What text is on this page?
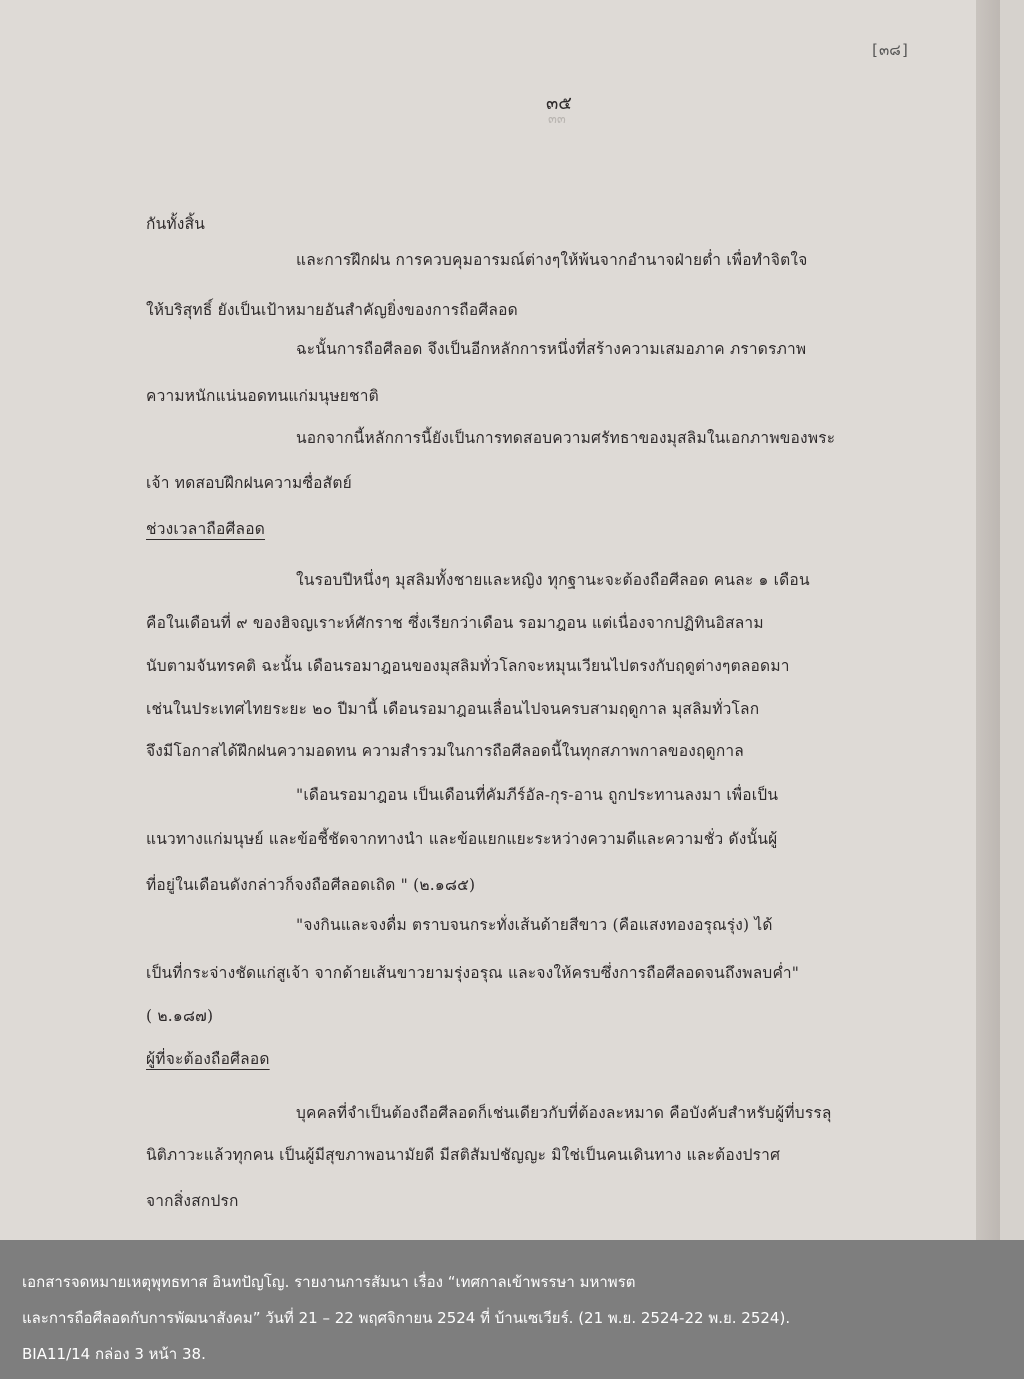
[๓๘]
๓๕
๓๓
กันทั้งสิ้น
และการฝึกฝน การควบคุมอารมณ์ต่างๆให้พ้นจากอำนาจฝ่ายต่ำ เพื่อทำจิตใจ
ให้บริสุทธิ์ ยังเป็นเป้าหมายอันสำคัญยิ่งของการถือศีลอด
ฉะนั้นการถือศีลอด จึงเป็นอีกหลักการหนึ่งที่สร้างความเสมอภาค ภราดรภาพ
ความหนักแน่นอดทนแก่มนุษยชาติ
นอกจากนี้หลักการนี้ยังเป็นการทดสอบความศรัทธาของมุสลิมในเอกภาพของพระ
เจ้า ทดสอบฝึกฝนความซื่อสัตย์
ช่วงเวลาถือศีลอด
ในรอบปีหนึ่งๆ มุสลิมทั้งชายและหญิง ทุกฐานะจะต้องถือศีลอด คนละ ๑ เดือน
คือในเดือนที่ ๙ ของฮิจญเราะห์ศักราช ซึ่งเรียกว่าเดือน รอมาฎอน แต่เนื่องจากปฏิทินอิสลาม
นับตามจันทรคติ ฉะนั้น เดือนรอมาฎอนของมุสลิมทั่วโลกจะหมุนเวียนไปตรงกับฤดูต่างๆตลอดมา
เช่นในประเทศไทยระยะ ๒๐ ปีมานี้ เดือนรอมาฎอนเลื่อนไปจนครบสามฤดูกาล มุสลิมทั่วโลก
จึงมีโอกาสได้ฝึกฝนความอดทน ความสำรวมในการถือศีลอดนี้ในทุกสภาพกาลของฤดูกาล
"เดือนรอมาฎอน เป็นเดือนที่คัมภีร์อัล-กุร-อาน ถูกประทานลงมา เพื่อเป็น
แนวทางแก่มนุษย์ และข้อชี้ชัดจากทางนำ และข้อแยกแยะระหว่างความดีและความชั่ว ดังนั้นผู้
ที่อยู่ในเดือนดังกล่าวก็จงถือศีลอดเถิด " (๒.๑๘๕)
"จงกินและจงดื่ม ตราบจนกระทั่งเส้นด้ายสีขาว (คือแสงทองอรุณรุ่ง) ได้
เป็นที่กระจ่างชัดแก่สูเจ้า จากด้ายเส้นขาวยามรุ่งอรุณ และจงให้ครบซึ่งการถือศีลอดจนถึงพลบค่ำ"
( ๒.๑๘๗)
ผู้ที่จะต้องถือศีลอด
บุคคลที่จำเป็นต้องถือศีลอดก็เช่นเดียวกับที่ต้องละหมาด คือบังคับสำหรับผู้ที่บรรลุ
นิติภาวะแล้วทุกคน เป็นผู้มีสุขภาพอนามัยดี มีสติสัมปชัญญะ มิใช่เป็นคนเดินทาง และต้องปราศ
จากสิ่งสกปรก
เอกสารจดหมายเหตุพุทธทาส อินทปัญโญ. รายงานการสัมนา เรื่อง “เทศกาลเข้าพรรษา มหาพรต
และการถือศีลอดกับการพัฒนาสังคม” วันที่ 21 – 22 พฤศจิกายน 2524 ที่ บ้านเซเวียร์. (21 พ.ย. 2524-22 พ.ย. 2524).
BIA11/14 กล่อง 3 หน้า 38.
